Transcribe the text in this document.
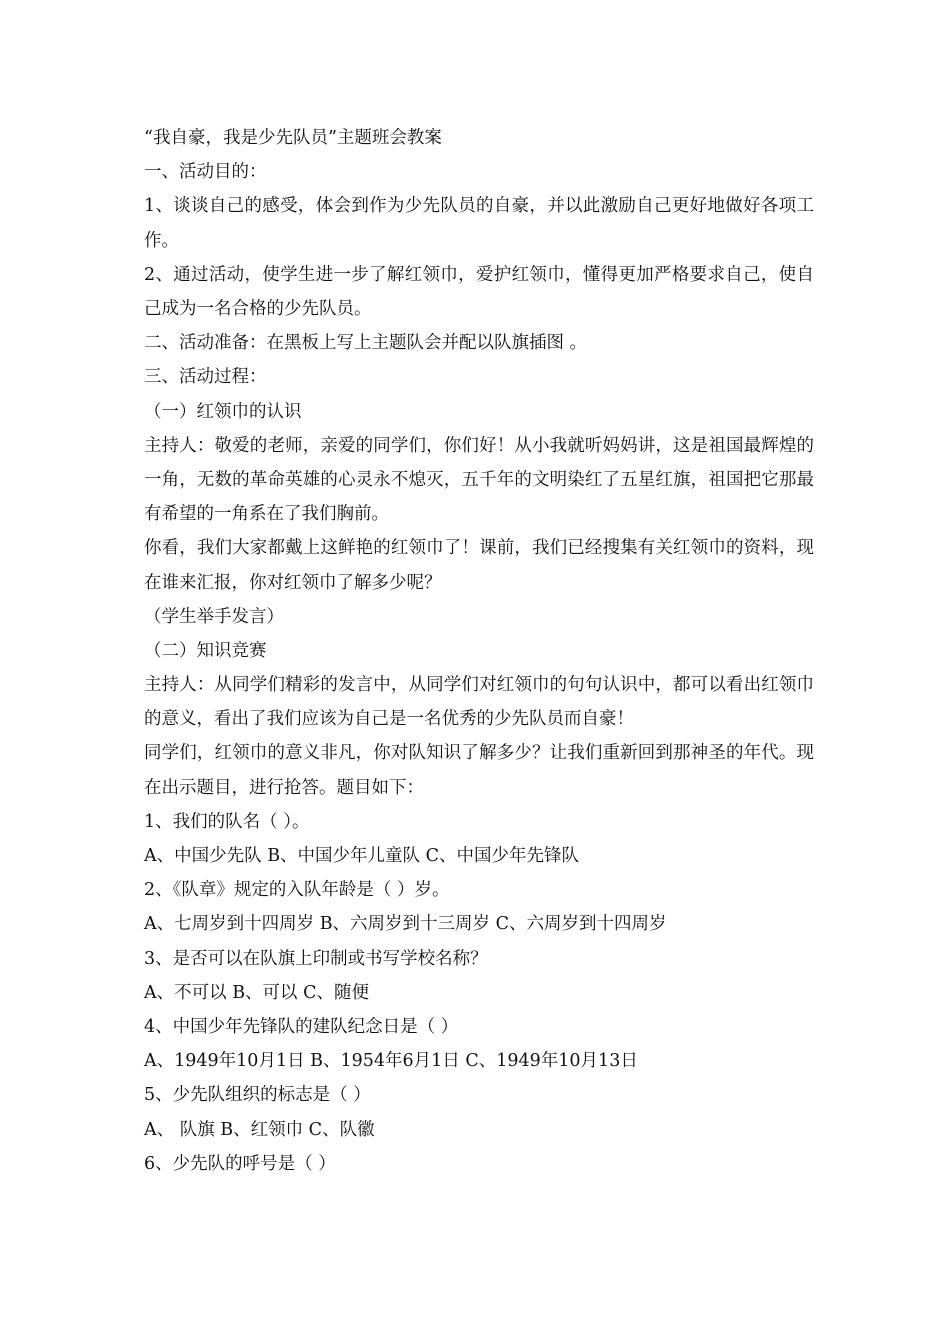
“我自豪，我是少先队员”主题班会教案
一、活动目的：
1、谈谈自己的感受，体会到作为少先队员的自豪，并以此激励自己更好地做好各项工作。
2、通过活动，使学生进一步了解红领巾，爱护红领巾，懂得更加严格要求自己，使自己成为一名合格的少先队员。
二、活动准备：在黑板上写上主题队会并配以队旗插图 。
三、活动过程：
（一）红领巾的认识
主持人：敬爱的老师，亲爱的同学们，你们好！从小我就听妈妈讲，这是祖国最辉煌的一角，无数的革命英雄的心灵永不熄灭，五千年的文明染红了五星红旗，祖国把它那最有希望的一角系在了我们胸前。
你看，我们大家都戴上这鲜艳的红领巾了！课前，我们已经搜集有关红领巾的资料，现在谁来汇报，你对红领巾了解多少呢？
（学生举手发言）
（二）知识竞赛
主持人：从同学们精彩的发言中，从同学们对红领巾的句句认识中，都可以看出红领巾的意义，看出了我们应该为自己是一名优秀的少先队员而自豪！
同学们，红领巾的意义非凡，你对队知识了解多少？让我们重新回到那神圣的年代。现在出示题目，进行抢答。题目如下：
1、我们的队名（ ）。
A、中国少先队 B、中国少年儿童队 C、中国少年先锋队
2、《队章》规定的入队年龄是（ ）岁。
A、七周岁到十四周岁 B、六周岁到十三周岁 C、六周岁到十四周岁
3、是否可以在队旗上印制或书写学校名称？
A、不可以 B、可以 C、随便
4、中国少年先锋队的建队纪念日是（ ）
A、1949年10月1日 B、1954年6月1日 C、1949年10月13日
5、少先队组织的标志是（ ）
A、 队旗 B、红领巾 C、队徽
6、少先队的呼号是（ ）
